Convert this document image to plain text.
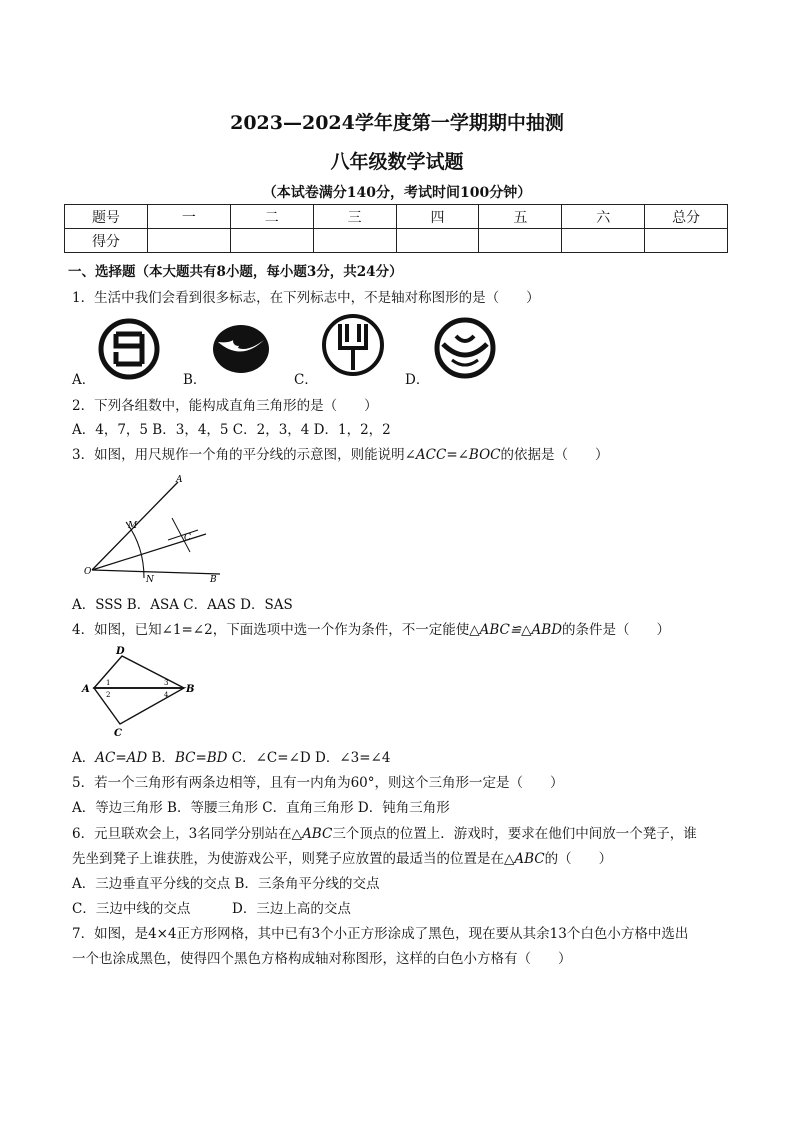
2023—2024学年度第一学期期中抽测
八年级数学试题
（本试卷满分140分，考试时间100分钟）
题号	一	二	三	四	五	六	总分
得分							
一、选择题（本大题共有8小题，每小题3分，共24分）
1．生活中我们会看到很多标志，在下列标志中，不是轴对称图形的是（　　）
A．	B．	C．	D．
2．下列各组数中，能构成直角三角形的是（　　）
A．4，7，5 B．3，4，5 C．2，3，4 D．1，2，2
3．如图，用尺规作一个角的平分线的示意图，则能说明∠ACC=∠BOC的依据是（　　）
A
M
C
O
N	B
A．SSS B．ASA C．AAS D．SAS
4．如图，已知∠1=∠2，下面选项中选一个作为条件，不一定能使△ABC≌△ABD的条件是（　　）
D
A	B
C
1
2
3
4
A．AC=AD B．BC=BD C．∠C=∠D D．∠3=∠4
5．若一个三角形有两条边相等，且有一内角为60°，则这个三角形一定是（　　）
A．等边三角形 B．等腰三角形 C．直角三角形 D．钝角三角形
6．元旦联欢会上，3名同学分别站在△ABC三个顶点的位置上．游戏时，要求在他们中间放一个凳子，谁
先坐到凳子上谁获胜，为使游戏公平，则凳子应放置的最适当的位置是在△ABC的（　　）
A．三边垂直平分线的交点 B．三条角平分线的交点
C．三边中线的交点	D．三边上高的交点
7．如图，是4×4正方形网格，其中已有3个小正方形涂成了黑色，现在要从其余13个白色小方格中选出
一个也涂成黑色，使得四个黑色方格构成轴对称图形，这样的白色小方格有（　　）
